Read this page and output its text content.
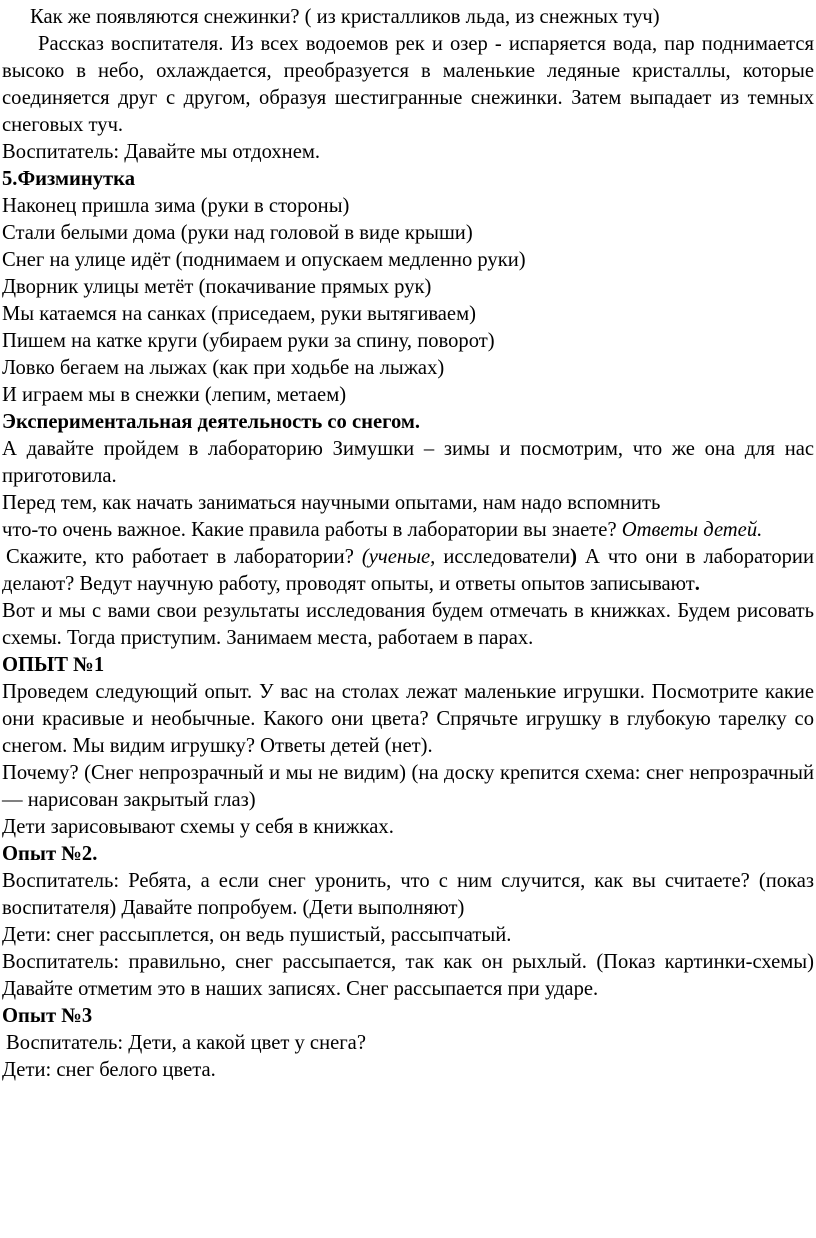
Как же появляются снежинки? ( из кристалликов льда, из снежных туч)

Рассказ воспитателя. Из всех водоемов рек и озер - испаряется вода, пар поднимается высоко в небо, охлаждается, преобразуется в маленькие ледяные кристаллы, которые соединяется друг с другом, образуя шестигранные снежинки. Затем выпадает из темных снеговых туч.

Воспитатель: Давайте мы отдохнем.

5.Физминутка

Наконец пришла зима (руки в стороны)

Стали белыми дома (руки над головой в виде крыши)

Снег на улице идёт (поднимаем и опускаем медленно руки)

Дворник улицы метёт (покачивание прямых рук)

Мы катаемся на санках (приседаем, руки вытягиваем)

Пишем на катке круги (убираем руки за спину, поворот)

Ловко бегаем на лыжах (как при ходьбе на лыжах)

И играем мы в снежки (лепим, метаем)

Экспериментальная деятельность со снегом.

А давайте пройдем в лабораторию Зимушки – зимы и посмотрим, что же она для нас приготовила.

Перед тем, как начать заниматься научными опытами, нам надо вспомнить

что-то очень важное. Какие правила работы в лаборатории вы знаете? Ответы детей.

Скажите, кто работает в лаборатории? (ученые, исследователи) А что они в лаборатории делают? Ведут научную работу, проводят опыты, и ответы опытов записывают.

Вот и мы с вами свои результаты исследования будем отмечать в книжках. Будем рисовать схемы. Тогда приступим. Занимаем места, работаем в парах.

ОПЫТ №1

Проведем следующий опыт. У вас на столах лежат маленькие игрушки. Посмотрите какие они красивые и необычные. Какого они цвета? Спрячьте игрушку в глубокую тарелку со снегом. Мы видим игрушку? Ответы детей (нет).

Почему? (Снег непрозрачный и мы не видим) (на доску крепится схема: снег непрозрачный — нарисован закрытый глаз)

Дети зарисовывают схемы у себя в книжках.

Опыт №2.

Воспитатель: Ребята, а если снег уронить, что с ним случится, как вы считаете? (показ воспитателя) Давайте попробуем. (Дети выполняют)

Дети: снег рассыплется, он ведь пушистый, рассыпчатый.

Воспитатель: правильно, снег рассыпается, так как он рыхлый. (Показ картинки-схемы) Давайте отметим это в наших записях. Снег рассыпается при ударе.

Опыт №3

Воспитатель: Дети, а какой цвет у снега?

Дети: снег белого цвета.
